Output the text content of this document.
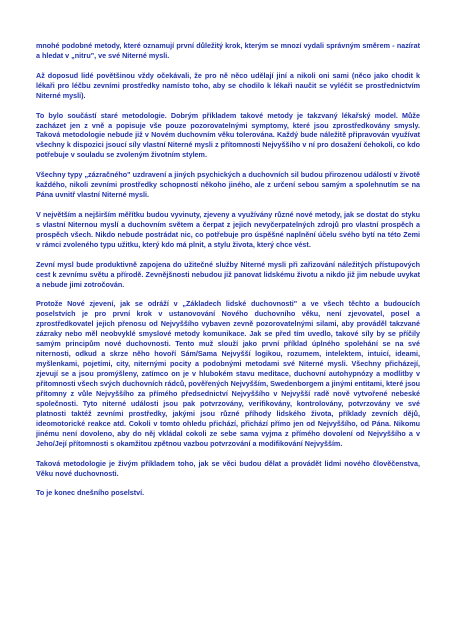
mnohé podobné metody, které oznamují první důležitý krok, kterým se mnozí vydali správným směrem - nazírat a hledat v „nitru", ve své Niterné mysli.

Až doposud lidé povětšinou vždy očekávali, že pro ně něco udělají jiní a nikoli oni sami (něco jako chodit k lékaři pro léčbu zevními prostředky namísto toho, aby se chodilo k lékaři naučit se vyléčit se prostřednictvím Niterné mysli).

To bylo součástí staré metodologie. Dobrým příkladem takové metody je takzvaný lékařský model. Může zacházet jen z vně a popisuje vše pouze pozorovatelnými symptomy, které jsou zprostředkovány smysly. Taková metodologie nebude již v Novém duchovním věku tolerována. Každý bude náležitě připravován využívat všechny k dispozici jsoucí síly vlastní Niterné mysli z přítomnosti Nejvyššího v ní pro dosažení čehokoli, co kdo potřebuje v souladu se zvoleným životním stylem.

Všechny typy „zázračného" uzdravení a jiných psychických a duchovních sil budou přirozenou událostí v životě každého, nikoli zevními prostředky schopností někoho jiného, ale z určení sebou samým a spolehnutím se na Pána uvnitř vlastní Niterné mysli.

V největším a nejširším měřítku budou vyvinuty, zjeveny a využívány různé nové metody, jak se dostat do styku s vlastní Niternou myslí a duchovním světem a čerpat z jejich nevyčerpatelných zdrojů pro vlastní prospěch a prospěch všech. Nikdo nebude postrádat nic, co potřebuje pro úspěšné naplnění účelu svého bytí na této Zemi v rámci zvoleného typu užitku, který kdo má plnit, a stylu života, který chce vést.

Zevní mysl bude produktivně zapojena do užitečné služby Niterné mysli při zařizování náležitých přístupových cest k zevnímu světu a přírodě. Zevnějšnosti nebudou již panovat lidskému životu a nikdo již jim nebude uvykat a nebude jimi zotročován.

Protože Nové zjevení, jak se odráží v „Základech lidské duchovnosti" a ve všech těchto a budoucích poselstvích je pro první krok v ustanovování Nového duchovního věku, není zjevovatel, posel a zprostředkovatel jejich přenosu od Nejvyššího vybaven zevně pozorovatelnými silami, aby prováděl takzvané zázraky nebo měl neobvyklé smyslové metody komunikace. Jak se před tím uvedlo, takové síly by se příčily samým principům nové duchovnosti. Tento muž slouží jako první příklad úplného spolehání se na své niternosti, odkud a skrze něho hovoří Sám/Sama Nejvyšší logikou, rozumem, intelektem, intuicí, ideami, myšlenkami, pojetími, city, niternými pocity a podobnými metodami své Niterné mysli. Všechny přicházejí, zjevují se a jsou promýšleny, zatímco on je v hlubokém stavu meditace, duchovní autohypnózy a modlitby v přítomnosti všech svých duchovních rádců, pověřených Nejvyšším, Swedenborgem a jinými entitami, které jsou přítomny z vůle Nejvyššího za přímého předsednictví Nejvyššího v Nejvyšší radě nově vytvořené nebeské společnosti. Tyto niterné události jsou pak potvrzovány, verifikovány, kontrolovány, potvrzovány ve své platnosti taktéž zevními prostředky, jakými jsou různé příhody lidského života, příklady zevních dějů, ideomotorické reakce atd. Cokoli v tomto ohledu přichází, přichází přímo jen od Nejvyššího, od Pána. Nikomu jinému není dovoleno, aby do něj vkládal cokoli ze sebe sama vyjma z přímého dovolení od Nejvyššího a v Jeho/Její přítomnosti s okamžitou zpětnou vazbou potvrzování a modifikování Nejvyšším.

Taková metodologie je živým příkladem toho, jak se věci budou dělat a provádět lidmi nového člověčenstva, Věku nové duchovnosti.

To je konec dnešního poselství.
